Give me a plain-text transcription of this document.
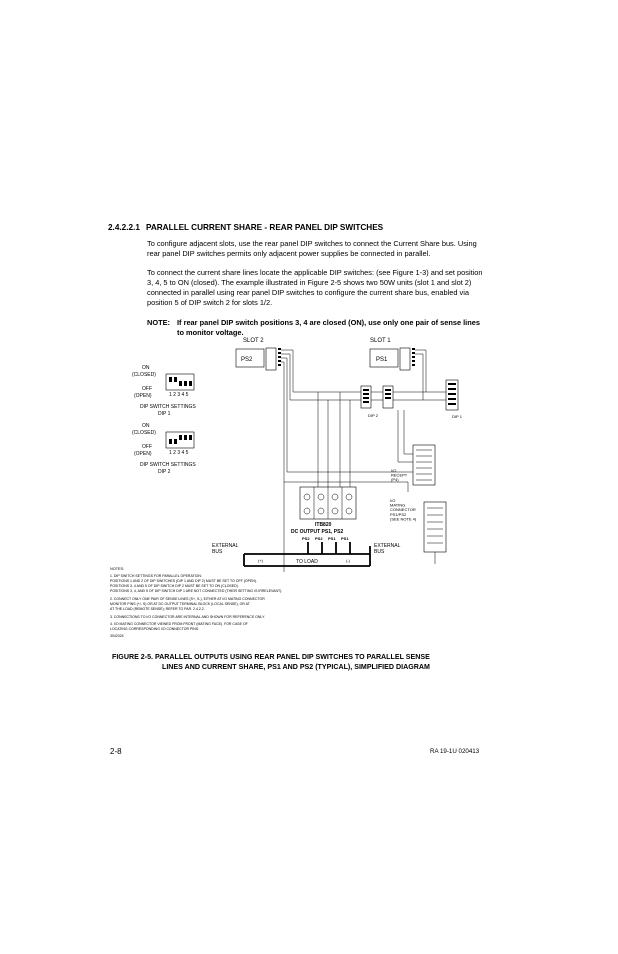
2.4.2.2.1 PARALLEL CURRENT SHARE - REAR PANEL DIP SWITCHES
To configure adjacent slots, use the rear panel DIP switches to connect the Current Share bus. Using rear panel DIP switches permits only adjacent power supplies be connected in parallel.
To connect the current share lines locate the applicable DIP switches: (see Figure 1-3) and set position 3, 4, 5 to ON (closed). The example illustrated in Figure 2-5 shows two 50W units (slot 1 and slot 2) connected in parallel using rear panel DIP switches to configure the current share bus, enabled via position 5 of DIP switch 2 for slots 1/2.
NOTE: If rear panel DIP switch positions 3, 4 are closed (ON), use only one pair of sense lines to monitor voltage.
SLOT 2	SLOT 1
PS2	PS1
ON
(CLOSED)
OFF
(OPEN)	1 2 3 4 5
DIP SWITCH SETTINGS
DIP 1
ON
(CLOSED)
OFF
(OPEN)	1 2 3 4 5
DIP SWITCH SETTINGS
DIP 2
DIP 2	DIP 1
I/O RECEPT (P4)
I/O MATING CONNECTOR PS1/PS2 (SEE NOTE 4)
ITB820
DC OUTPUT PS1, PS2
PS2 PS2 PS1 PS1
EXTERNAL BUS
EXTERNAL BUS
(+)	TO LOAD	(-)
NOTES:
1. DIP SWITCH SETTINGS FOR PARALLEL OPERATION:
POSITIONS 1 AND 2 OF DIP SWITCHES (DIP 1 AND DIP 2) MUST BE SET TO OFF (OPEN).
POSITIONS 3, 4 AND 5 OF DIP SWITCH DIP 2 MUST BE SET TO ON (CLOSED).
POSITIONS 3, 4, AND 5 OF DIP SWITCH DIP 1 ARE NOT CONNECTED (THEIR SETTING IS IRRELEVANT).
2. CONNECT ONLY ONE PAIR OF SENSE LINES (S+, S-), EITHER AT I/O MATING CONNECTOR
MONITOR PINS (+/- S) OR AT DC OUTPUT TERMINAL BLOCK (LOCAL SENSE), OR AT
AT THE LOAD (REMOTE SENSE); REFER TO PAR. 2.4.2.2.
3. CONNECTIONS TO I/O CONNECTOR ARE INTERNAL AND SHOWN FOR REFERENCE ONLY.
4. I/O MATING CONNECTOR VIEWED FROM FRONT (MATING FACE). FOR CASE OF
LOCATING CORRESPONDING I/O CONNECTOR PINS.
3042324
FIGURE 2-5. PARALLEL OUTPUTS USING REAR PANEL DIP SWITCHES TO PARALLEL SENSE
LINES AND CURRENT SHARE, PS1 AND PS2 (TYPICAL), SIMPLIFIED DIAGRAM
2-8	RA 19-1U 020413
